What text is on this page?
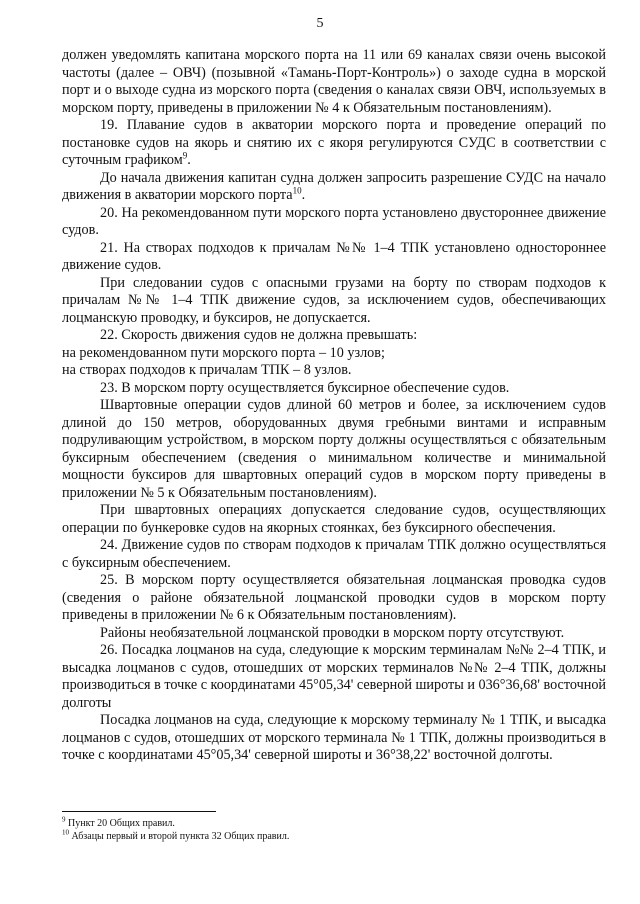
5

должен уведомлять капитана морского порта на 11 или 69 каналах связи очень высокой частоты (далее – ОВЧ) (позывной «Тамань-Порт-Контроль») о заходе судна в морской порт и о выходе судна из морского порта (сведения о каналах связи ОВЧ, используемых в морском порту, приведены в приложении № 4 к Обязательным постановлениям).

19. Плавание судов в акватории морского порта и проведение операций по постановке судов на якорь и снятию их с якоря регулируются СУДС в соответствии с суточным графиком$^9$.

До начала движения капитан судна должен запросить разрешение СУДС на начало движения в акватории морского порта$^{10}$.

20. На рекомендованном пути морского порта установлено двустороннее движение судов.

21. На створах подходов к причалам №№ 1–4 ТПК установлено одностороннее движение судов.

При следовании судов с опасными грузами на борту по створам подходов к причалам №№ 1–4 ТПК движение судов, за исключением судов, обеспечивающих лоцманскую проводку, и буксиров, не допускается.

22. Скорость движения судов не должна превышать:

на рекомендованном пути морского порта – 10 узлов;

на створах подходов к причалам ТПК – 8 узлов.

23. В морском порту осуществляется буксирное обеспечение судов.

Швартовные операции судов длиной 60 метров и более, за исключением судов длиной до 150 метров, оборудованных двумя гребными винтами и исправным подруливающим устройством, в морском порту должны осуществляться с обязательным буксирным обеспечением (сведения о минимальном количестве и минимальной мощности буксиров для швартовных операций судов в морском порту приведены в приложении № 5 к Обязательным постановлениям).

При швартовных операциях допускается следование судов, осуществляющих операции по бункеровке судов на якорных стоянках, без буксирного обеспечения.

24. Движение судов по створам подходов к причалам ТПК должно осуществляться с буксирным обеспечением.

25. В морском порту осуществляется обязательная лоцманская проводка судов (сведения о районе обязательной лоцманской проводки судов в морском порту приведены в приложении № 6 к Обязательным постановлениям).

Районы необязательной лоцманской проводки в морском порту отсутствуют.

26. Посадка лоцманов на суда, следующие к морским терминалам №№ 2–4 ТПК, и высадка лоцманов с судов, отошедших от морских терминалов №№ 2–4 ТПК, должны производиться в точке с координатами 45°05,34' северной широты и 036°36,68' восточной долготы

Посадка лоцманов на суда, следующие к морскому терминалу № 1 ТПК, и высадка лоцманов с судов, отошедших от морского терминала № 1 ТПК, должны производиться в точке с координатами 45°05,34' северной широты и 36°38,22' восточной долготы.

$^9$ Пункт 20 Общих правил.
$^{10}$ Абзацы первый и второй пункта 32 Общих правил.
